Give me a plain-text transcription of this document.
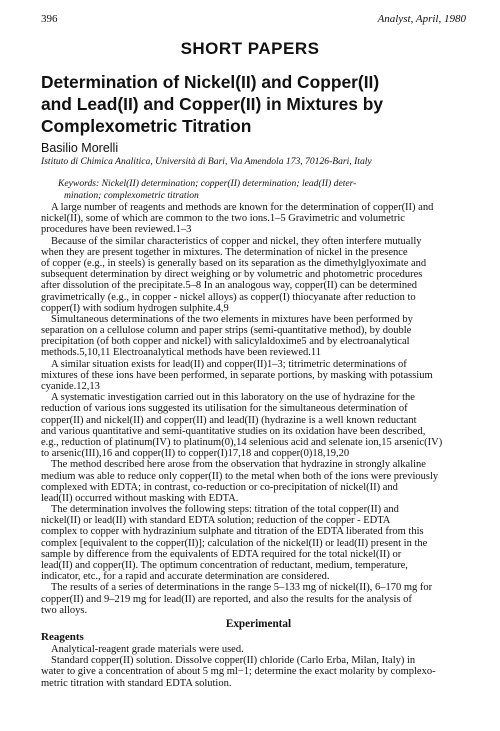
396	Analyst, April, 1980
SHORT PAPERS
Determination of Nickel(II) and Copper(II)
and Lead(II) and Copper(II) in Mixtures by
Complexometric Titration
Basilio Morelli
Istituto di Chimica Analitica, Università di Bari, Via Amendola 173, 70126-Bari, Italy
Keywords: Nickel(II) determination; copper(II) determination; lead(II) deter-
mination; complexometric titration
A large number of reagents and methods are known for the determination of copper(II) and
nickel(II), some of which are common to the two ions.1–5 Gravimetric and volumetric
procedures have been reviewed.1–3
Because of the similar characteristics of copper and nickel, they often interfere mutually
when they are present together in mixtures. The determination of nickel in the presence
of copper (e.g., in steels) is generally based on its separation as the dimethylglyoximate and
subsequent determination by direct weighing or by volumetric and photometric procedures
after dissolution of the precipitate.5–8 In an analogous way, copper(II) can be determined
gravimetrically (e.g., in copper - nickel alloys) as copper(I) thiocyanate after reduction to
copper(I) with sodium hydrogen sulphite.4,9
Simultaneous determinations of the two elements in mixtures have been performed by
separation on a cellulose column and paper strips (semi-quantitative method), by double
precipitation (of both copper and nickel) with salicylaldoxime5 and by electroanalytical
methods.5,10,11 Electroanalytical methods have been reviewed.11
A similar situation exists for lead(II) and copper(II)1–3; titrimetric determinations of
mixtures of these ions have been performed, in separate portions, by masking with potassium
cyanide.12,13
A systematic investigation carried out in this laboratory on the use of hydrazine for the
reduction of various ions suggested its utilisation for the simultaneous determination of
copper(II) and nickel(II) and copper(II) and lead(II) (hydrazine is a well known reductant
and various quantitative and semi-quantitative studies on its oxidation have been described,
e.g., reduction of platinum(IV) to platinum(0),14 selenious acid and selenate ion,15 arsenic(IV)
to arsenic(III),16 and copper(II) to copper(I)17,18 and copper(0)18,19,20
The method described here arose from the observation that hydrazine in strongly alkaline
medium was able to reduce only copper(II) to the metal when both of the ions were previously
complexed with EDTA; in contrast, co-reduction or co-precipitation of nickel(II) and
lead(II) occurred without masking with EDTA.
The determination involves the following steps: titration of the total copper(II) and
nickel(II) or lead(II) with standard EDTA solution; reduction of the copper - EDTA
complex to copper with hydrazinium sulphate and titration of the EDTA liberated from this
complex [equivalent to the copper(II)]; calculation of the nickel(II) or lead(II) present in the
sample by difference from the equivalents of EDTA required for the total nickel(II) or
lead(II) and copper(II). The optimum concentration of reductant, medium, temperature,
indicator, etc., for a rapid and accurate determination are considered.
The results of a series of determinations in the range 5–133 mg of nickel(II), 6–170 mg for
copper(II) and 9–219 mg for lead(II) are reported, and also the results for the analysis of
two alloys.
Experimental
Reagents
Analytical-reagent grade materials were used.
Standard copper(II) solution. Dissolve copper(II) chloride (Carlo Erba, Milan, Italy) in
water to give a concentration of about 5 mg ml−1; determine the exact molarity by complexo-
metric titration with standard EDTA solution.
